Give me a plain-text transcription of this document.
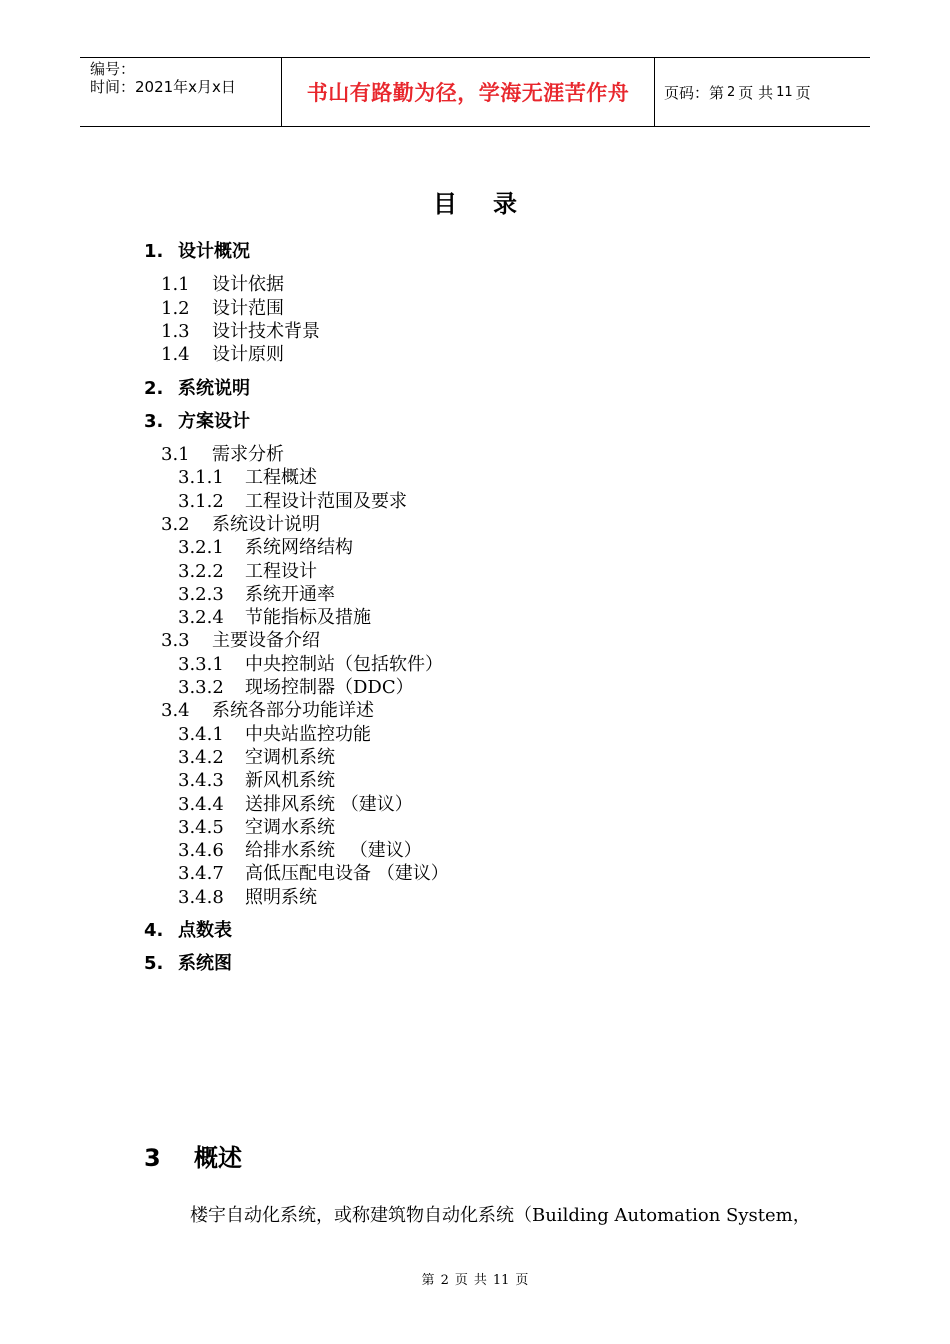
编号：
时间：2021年x月x日	书山有路勤为径，学海无涯苦作舟 页码：第 2 页 共 11 页
目 录
1. 设计概况
1.1 设计依据
1.2 设计范围
1.3 设计技术背景
1.4 设计原则
2. 系统说明
3. 方案设计
3.1 需求分析
3.1.1 工程概述
3.1.2 工程设计范围及要求
3.2 系统设计说明
3.2.1 系统网络结构
3.2.2 工程设计
3.2.3 系统开通率
3.2.4 节能指标及措施
3.3 主要设备介绍
3.3.1 中央控制站（包括软件）
3.3.2 现场控制器（DDC）
3.4 系统各部分功能详述
3.4.1 中央站监控功能
3.4.2 空调机系统
3.4.3 新风机系统
3.4.4 送排风系统 （建议）
3.4.5 空调水系统
3.4.6 给排水系统 　（建议）
3.4.7 高低压配电设备 （建议）
3.4.8 照明系统
4. 点数表
5. 系统图
3 概述
楼宇自动化系统，或称建筑物自动化系统（Building Automation System，
第 2 页 共 11 页
